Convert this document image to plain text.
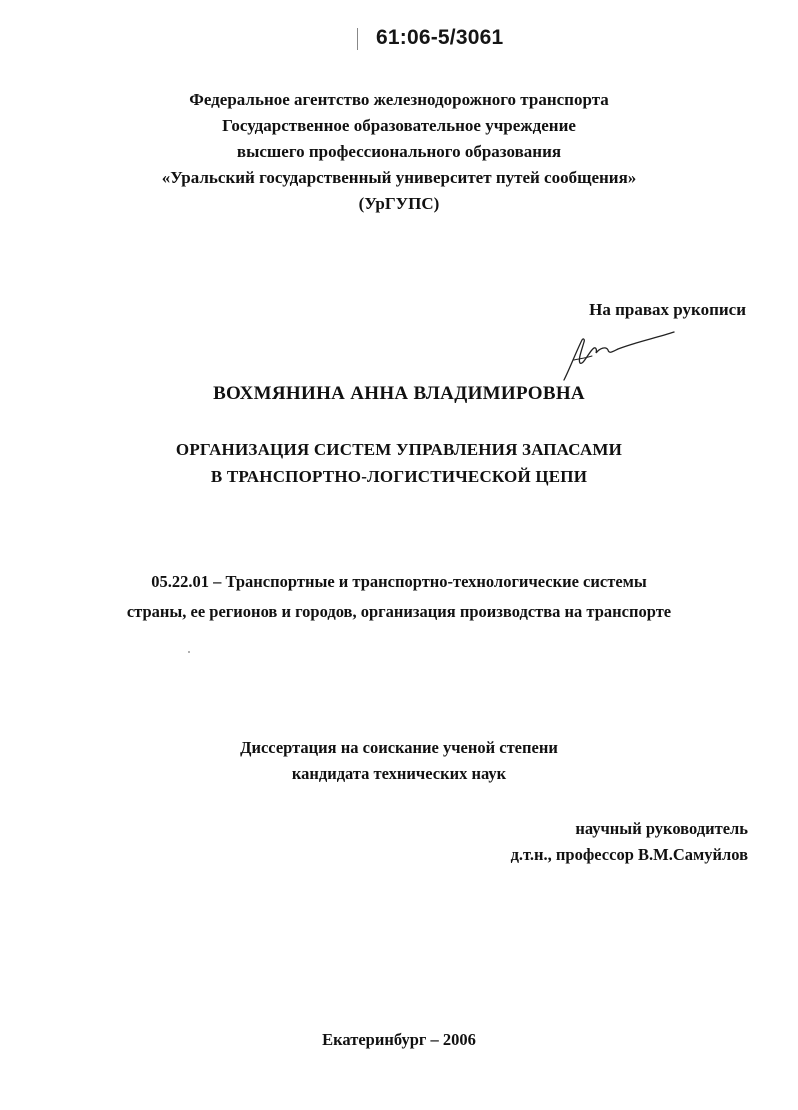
61:06-5/3061
Федеральное агентство железнодорожного транспорта
Государственное образовательное учреждение
высшего профессионального образования
«Уральский государственный университет путей сообщения»
(УрГУПС)
На правах рукописи
ВОХМЯНИНА АННА ВЛАДИМИРОВНА
ОРГАНИЗАЦИЯ СИСТЕМ УПРАВЛЕНИЯ ЗАПАСАМИ
В ТРАНСПОРТНО-ЛОГИСТИЧЕСКОЙ ЦЕПИ
05.22.01 – Транспортные и транспортно-технологические системы
страны, ее регионов и городов, организация производства на транспорте
Диссертация на соискание ученой степени
кандидата технических наук
научный руководитель
д.т.н., профессор В.М.Самуйлов
Екатеринбург – 2006
